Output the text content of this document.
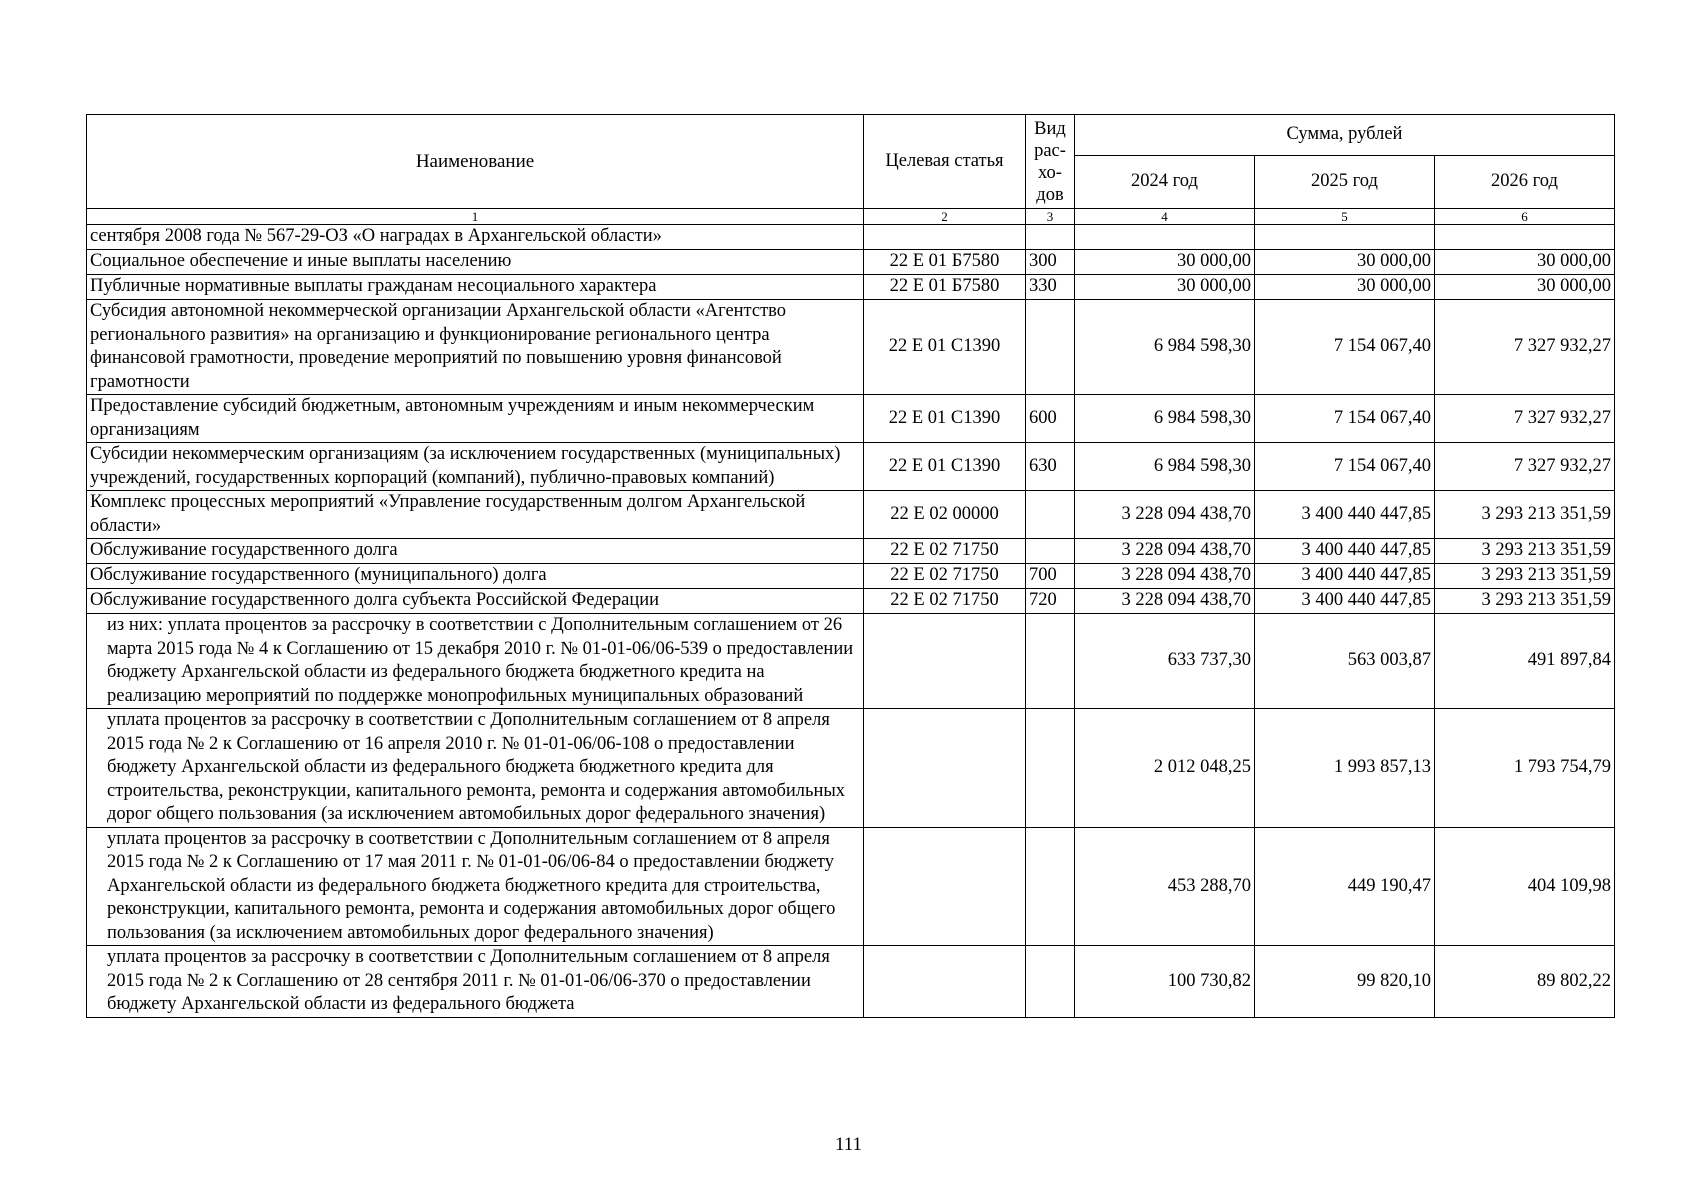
Наименование	Целевая статья	Вид рас-хо-дов	Сумма, рублей		
			2024 год	2025 год	2026 год
1	2	3	4	5	6
сентября 2008 года № 567-29-ОЗ «О наградах в Архангельской области»					
Социальное обеспечение и иные выплаты населению	22 Е 01 Б7580	300	30 000,00	30 000,00	30 000,00
Публичные нормативные выплаты гражданам несоциального характера	22 Е 01 Б7580	330	30 000,00	30 000,00	30 000,00
Субсидия автономной некоммерческой организации Архангельской области «Агентство регионального развития» на организацию и функционирование регионального центра финансовой грамотности, проведение мероприятий по повышению уровня финансовой грамотности	22 Е 01 С1390		6 984 598,30	7 154 067,40	7 327 932,27
Предоставление субсидий бюджетным, автономным учреждениям и иным некоммерческим организациям	22 Е 01 С1390	600	6 984 598,30	7 154 067,40	7 327 932,27
Субсидии некоммерческим организациям (за исключением государственных (муниципальных) учреждений, государственных корпораций (компаний), публично-правовых компаний)	22 Е 01 С1390	630	6 984 598,30	7 154 067,40	7 327 932,27
Комплекс процессных мероприятий «Управление государственным долгом Архангельской области»	22 Е 02 00000		3 228 094 438,70	3 400 440 447,85	3 293 213 351,59
Обслуживание государственного долга	22 Е 02 71750		3 228 094 438,70	3 400 440 447,85	3 293 213 351,59
Обслуживание государственного (муниципального) долга	22 Е 02 71750	700	3 228 094 438,70	3 400 440 447,85	3 293 213 351,59
Обслуживание государственного долга субъекта Российской Федерации	22 Е 02 71750	720	3 228 094 438,70	3 400 440 447,85	3 293 213 351,59
из них: уплата процентов за рассрочку в соответствии с Дополнительным соглашением от 26 марта 2015 года № 4 к Соглашению от 15 декабря 2010 г. № 01-01-06/06-539 о предоставлении бюджету Архангельской области из федерального бюджета бюджетного кредита на реализацию мероприятий по поддержке монопрофильных муниципальных образований			633 737,30	563 003,87	491 897,84
уплата процентов за рассрочку в соответствии с Дополнительным соглашением от 8 апреля 2015 года № 2 к Соглашению от 16 апреля 2010 г. № 01-01-06/06-108 о предоставлении бюджету Архангельской области из федерального бюджета бюджетного кредита для строительства, реконструкции, капитального ремонта, ремонта и содержания автомобильных дорог общего пользования (за исключением автомобильных дорог федерального значения)			2 012 048,25	1 993 857,13	1 793 754,79
уплата процентов за рассрочку в соответствии с Дополнительным соглашением от 8 апреля 2015 года № 2 к Соглашению от 17 мая 2011 г. № 01-01-06/06-84 о предоставлении бюджету Архангельской области из федерального бюджета бюджетного кредита для строительства, реконструкции, капитального ремонта, ремонта и содержания автомобильных дорог общего пользования (за исключением автомобильных дорог федерального значения)			453 288,70	449 190,47	404 109,98
уплата процентов за рассрочку в соответствии с Дополнительным соглашением от 8 апреля 2015 года № 2 к Соглашению от 28 сентября 2011 г. № 01-01-06/06-370 о предоставлении бюджету Архангельской области из федерального бюджета			100 730,82	99 820,10	89 802,22
111
